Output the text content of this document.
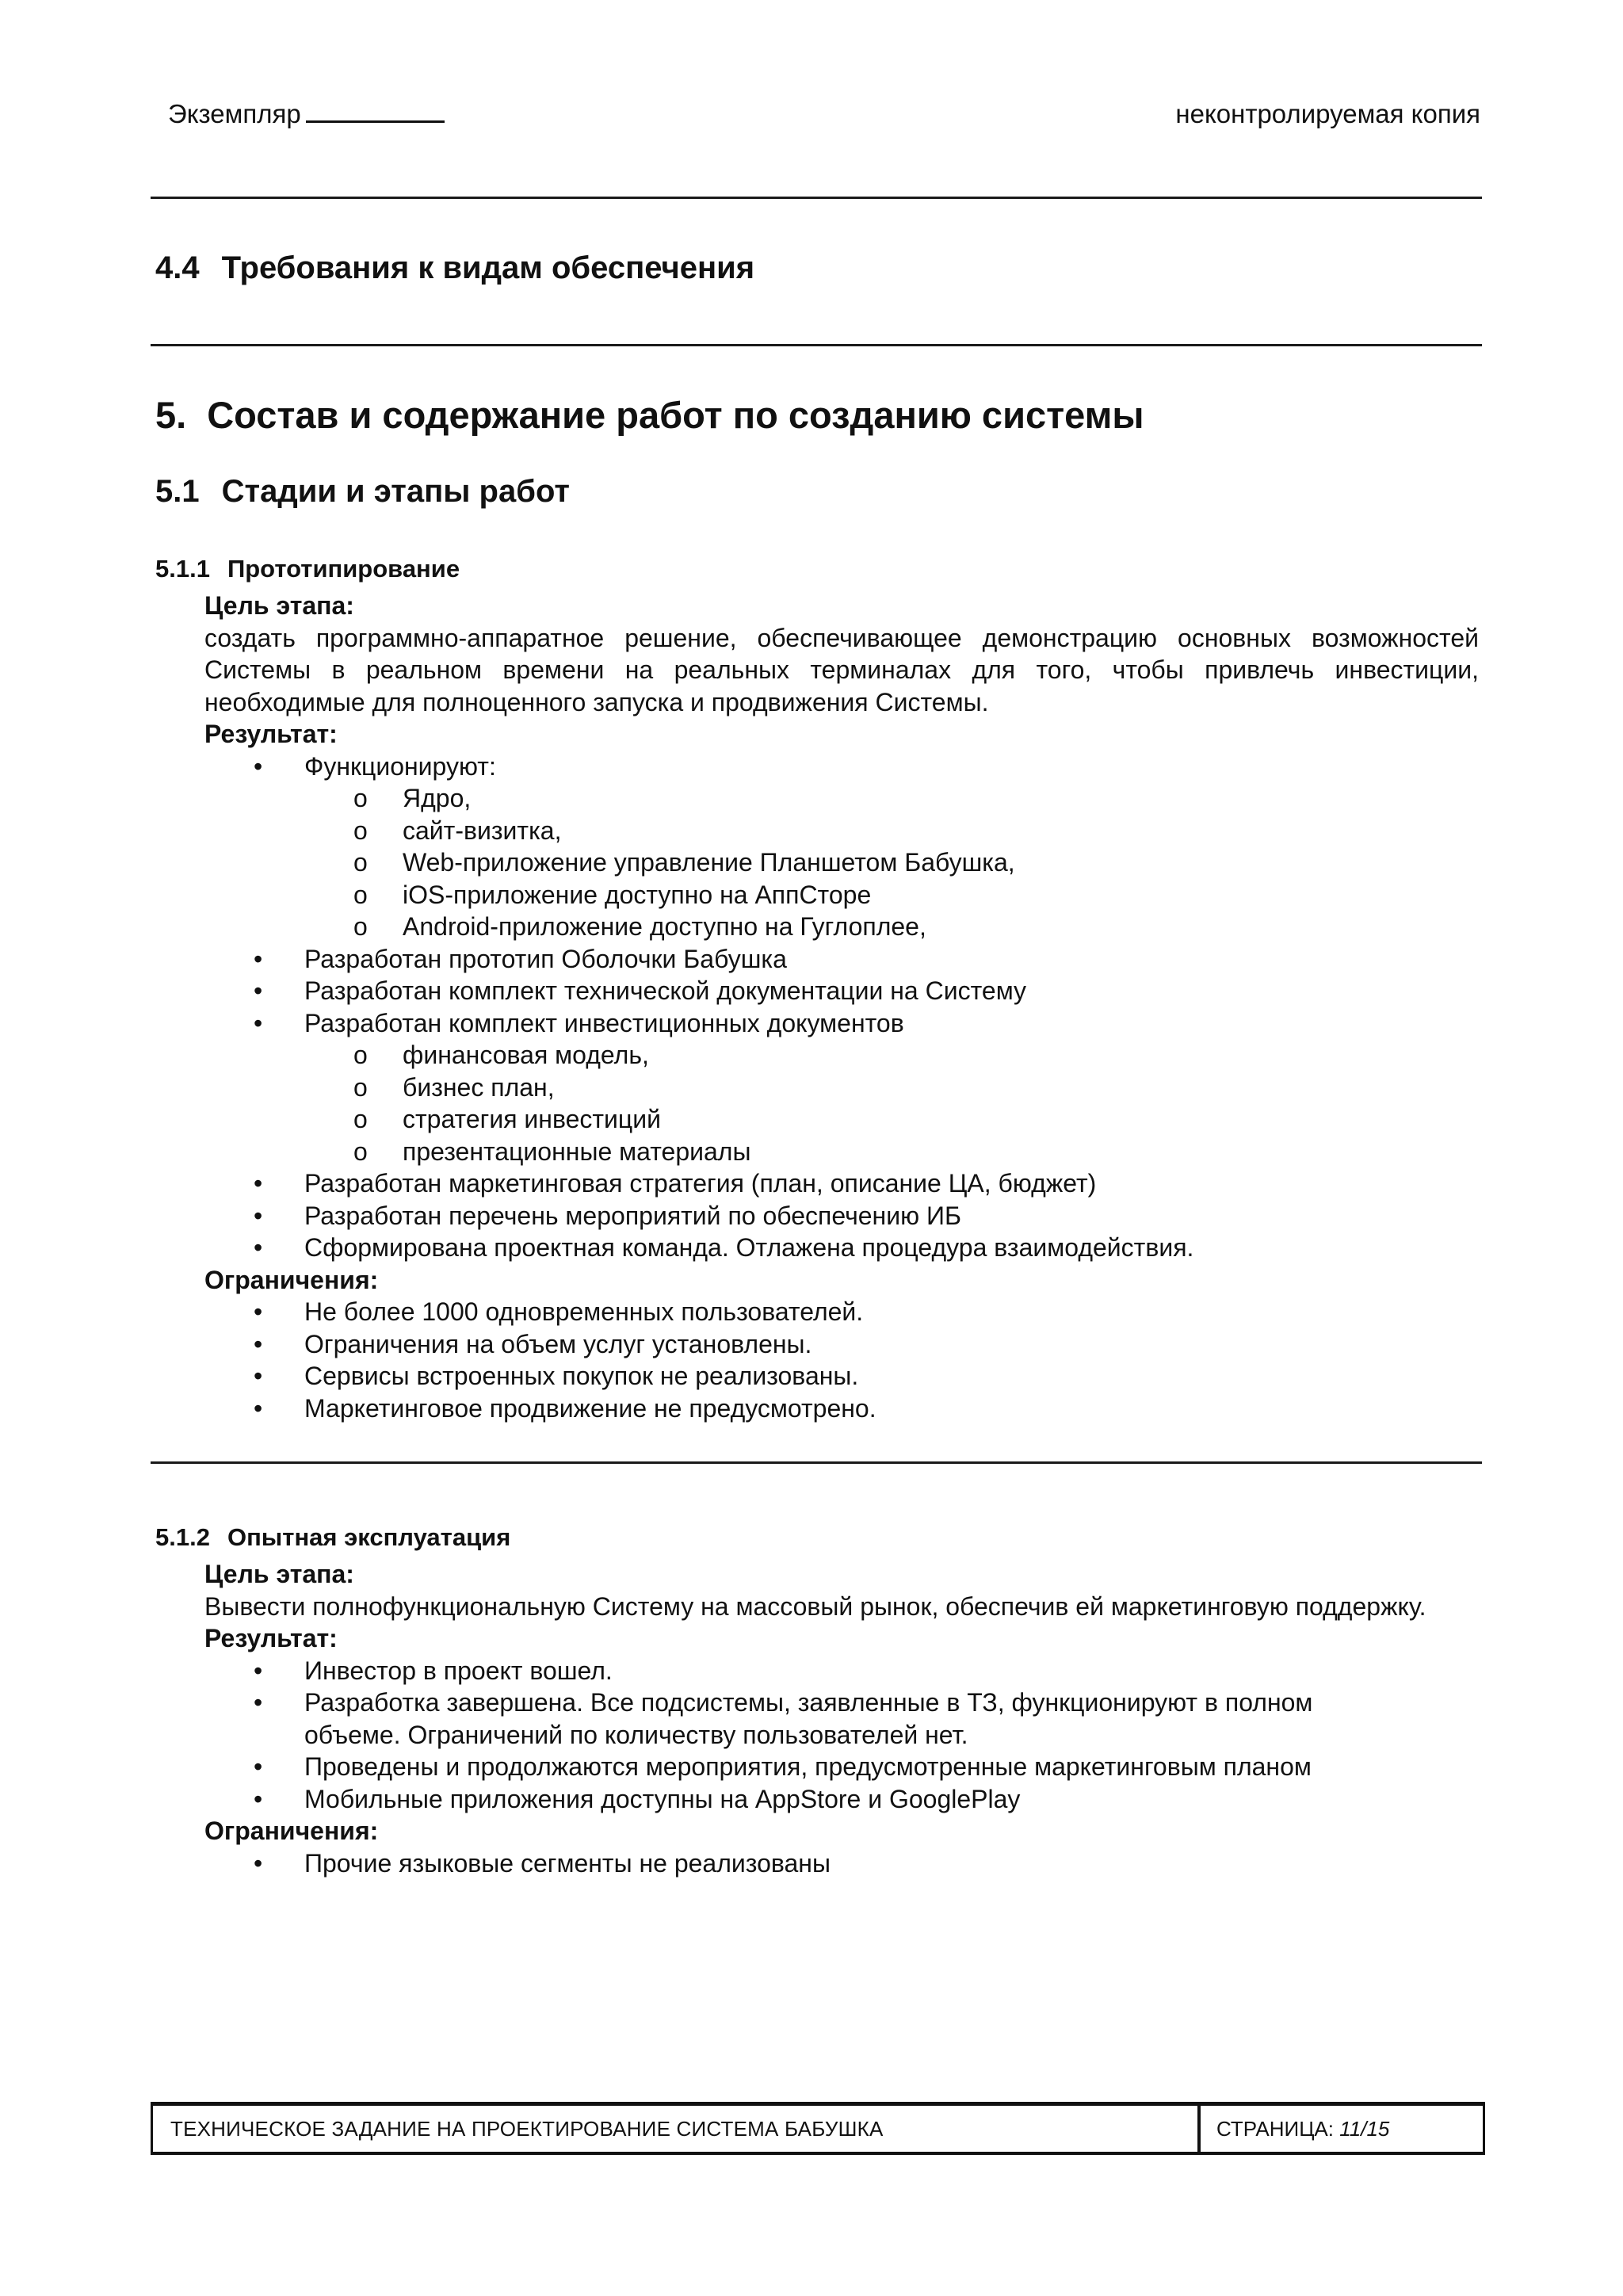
Экземпляр	неконтролируемая копия
4.4 Требования к видам обеспечения
5. Состав и содержание работ по созданию системы
5.1 Стадии и этапы работ
5.1.1 Прототипирование
Цель этапа:
создать программно-аппаратное решение, обеспечивающее демонстрацию основных возможностей Системы в реальном времени на реальных терминалах для того, чтобы привлечь инвестиции, необходимые для полноценного запуска и продвижения Системы.
Результат:
• Функционируют:
o Ядро,
o сайт-визитка,
o Web-приложение управление Планшетом Бабушка,
o iOS-приложение доступно на АппСторе
o Android-приложение доступно на Гуглоплее,
• Разработан прототип Оболочки Бабушка
• Разработан комплект технической документации на Систему
• Разработан комплект инвестиционных документов
o финансовая модель,
o бизнес план,
o стратегия инвестиций
o презентационные материалы
• Разработан маркетинговая стратегия (план, описание ЦА, бюджет)
• Разработан перечень мероприятий по обеспечению ИБ
• Сформирована проектная команда. Отлажена процедура взаимодействия.
Ограничения:
• Не более 1000 одновременных пользователей.
• Ограничения на объем услуг установлены.
• Сервисы встроенных покупок не реализованы.
• Маркетинговое продвижение не предусмотрено.
5.1.2 Опытная эксплуатация
Цель этапа:
Вывести полнофункциональную Систему на массовый рынок, обеспечив ей маркетинговую поддержку.
Результат:
• Инвестор в проект вошел.
• Разработка завершена. Все подсистемы, заявленные в ТЗ, функционируют в полном объеме. Ограничений по количеству пользователей нет.
• Проведены и продолжаются мероприятия, предусмотренные маркетинговым планом
• Мобильные приложения доступны на AppStore и GooglePlay
Ограничения:
• Прочие языковые сегменты не реализованы
ТЕХНИЧЕСКОЕ ЗАДАНИЕ НА ПРОЕКТИРОВАНИЕ СИСТЕМА БАБУШКА	СТРАНИЦА: 11/15
